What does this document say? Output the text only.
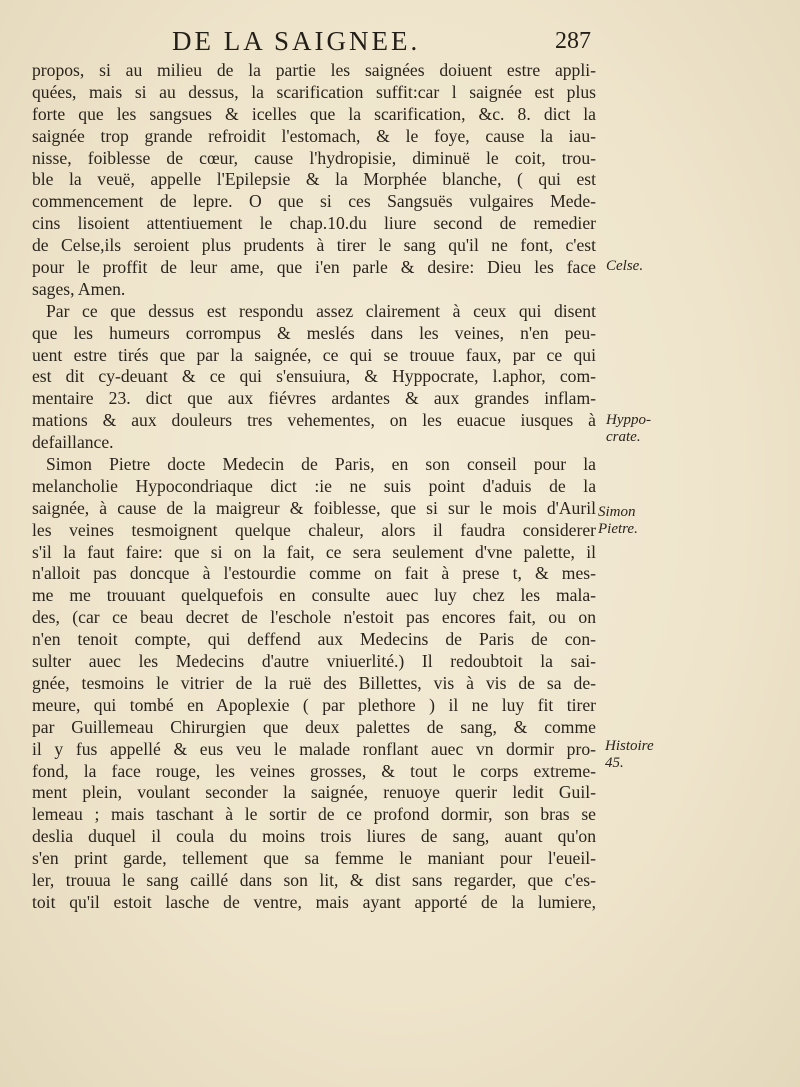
DE LA SAIGNEE.	287
propos, si au milieu de la partie les saignées doiuent estre appli-
quées, mais si au dessus, la scarification suffit:car l saignée est plus
forte que les sangsues & icelles que la scarification, &c. 8. dict la
saignée trop grande refroidit l'estomach, & le foye, cause la iau-
nisse, foiblesse de cœur, cause l'hydropisie, diminuë le coit, trou-
ble la veuë, appelle l'Epilepsie & la Morphée blanche, ( qui est
commencement de lepre. O que si ces Sangsuës vulgaires Mede-
cins lisoient attentiuement le chap.10.du liure second de remedier
de Celse,ils seroient plus prudents à tirer le sang qu'il ne font, c'est
pour le proffit de leur ame, que i'en parle & desire: Dieu les face
sages, Amen.
Par ce que dessus est respondu assez clairement à ceux qui disent
que les humeurs corrompus & meslés dans les veines, n'en peu-
uent estre tirés que par la saignée, ce qui se trouue faux, par ce qui
est dit cy-deuant & ce qui s'ensuiura, & Hyppocrate, l.aphor, com-
mentaire 23. dict que aux fiévres ardantes & aux grandes inflam-
mations & aux douleurs tres vehementes, on les euacue iusques à
defaillance.
Simon Pietre docte Medecin de Paris, en son conseil pour la
melancholie Hypocondriaque dict :ie ne suis point d'aduis de la
saignée, à cause de la maigreur & foiblesse, que si sur le mois d'Auril
les veines tesmoignent quelque chaleur, alors il faudra considerer
s'il la faut faire: que si on la fait, ce sera seulement d'vne palette, il
n'alloit pas doncque à l'estourdie comme on fait à prese t, & mes-
me me trouuant quelquefois en consulte auec luy chez les mala-
des, (car ce beau decret de l'eschole n'estoit pas encores fait, ou on
n'en tenoit compte, qui deffend aux Medecins de Paris de con-
sulter auec les Medecins d'autre vniuerlité.) Il redoubtoit la sai-
gnée, tesmoins le vitrier de la ruë des Billettes, vis à vis de sa de-
meure, qui tombé en Apoplexie ( par plethore ) il ne luy fit tirer
par Guillemeau Chirurgien que deux palettes de sang, & comme
il y fus appellé & eus veu le malade ronflant auec vn dormir pro-
fond, la face rouge, les veines grosses, & tout le corps extreme-
ment plein, voulant seconder la saignée, renuoye querir ledit Guil-
lemeau ; mais taschant à le sortir de ce profond dormir, son bras se
deslia duquel il coula du moins trois liures de sang, auant qu'on
s'en print garde, tellement que sa femme le maniant pour l'eueil-
ler, trouua le sang caillé dans son lit, & dist sans regarder, que c'es-
toit qu'il estoit lasche de ventre, mais ayant apporté de la lumiere,
Celse.
Hyppo-
crate.
Simon
Pietre.
Histoire
45.
